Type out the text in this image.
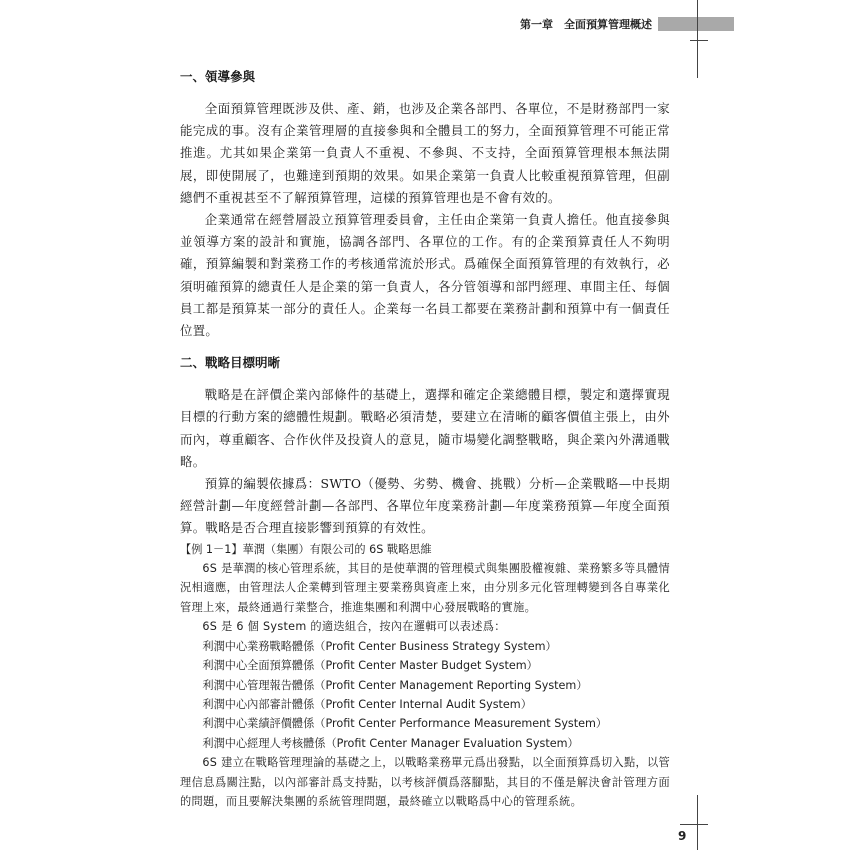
第一章　全面預算管理概述
9
一、領導參與

全面預算管理既涉及供、產、銷，也涉及企業各部門、各單位，不是財務部門一家能完成的事。沒有企業管理層的直接參與和全體員工的努力，全面預算管理不可能正常推進。尤其如果企業第一負責人不重視、不參與、不支持，全面預算管理根本無法開展，即使開展了，也難達到預期的效果。如果企業第一負責人比較重視預算管理，但副總們不重視甚至不了解預算管理，這樣的預算管理也是不會有效的。

企業通常在經營層設立預算管理委員會，主任由企業第一負責人擔任。他直接參與並領導方案的設計和實施，協調各部門、各單位的工作。有的企業預算責任人不夠明確，預算編製和對業務工作的考核通常流於形式。爲確保全面預算管理的有效執行，必須明確預算的總責任人是企業的第一負責人，各分管領導和部門經理、車間主任、每個員工都是預算某一部分的責任人。企業每一名員工都要在業務計劃和預算中有一個責任位置。

二、戰略目標明晰

戰略是在評價企業內部條件的基礎上，選擇和確定企業總體目標，製定和選擇實現目標的行動方案的總體性規劃。戰略必須清楚，要建立在清晰的顧客價值主張上，由外而內，尊重顧客、合作伙伴及投資人的意見，隨市場變化調整戰略，與企業內外溝通戰略。

預算的編製依據爲：SWTO（優勢、劣勢、機會、挑戰）分析—企業戰略—中長期經營計劃—年度經營計劃—各部門、各單位年度業務計劃—年度業務預算—年度全面預算。戰略是否合理直接影響到預算的有效性。

【例 1－1】華潤（集團）有限公司的 6S 戰略思維

6S 是華潤的核心管理系統，其目的是使華潤的管理模式與集團股權複雜、業務繁多等具體情況相適應，由管理法人企業轉到管理主要業務與資產上來，由分別多元化管理轉變到各自專業化管理上來，最終通過行業整合，推進集團和利潤中心發展戰略的實施。

6S 是 6 個 System 的適迭組合，按內在邏輯可以表述爲：

利潤中心業務戰略體係（Profit Center Business Strategy System）
利潤中心全面預算體係（Profit Center Master Budget System）
利潤中心管理報告體係（Profit Center Management Reporting System）
利潤中心內部審計體係（Profit Center Internal Audit System）
利潤中心業績評價體係（Profit Center Performance Measurement System）
利潤中心經理人考核體係（Profit Center Manager Evaluation System）

6S 建立在戰略管理理論的基礎之上，以戰略業務單元爲出發點，以全面預算爲切入點，以管理信息爲關注點，以內部審計爲支持點，以考核評價爲落腳點，其目的不僅是解決會計管理方面的問題，而且要解決集團的系統管理問題，最終確立以戰略爲中心的管理系統。
